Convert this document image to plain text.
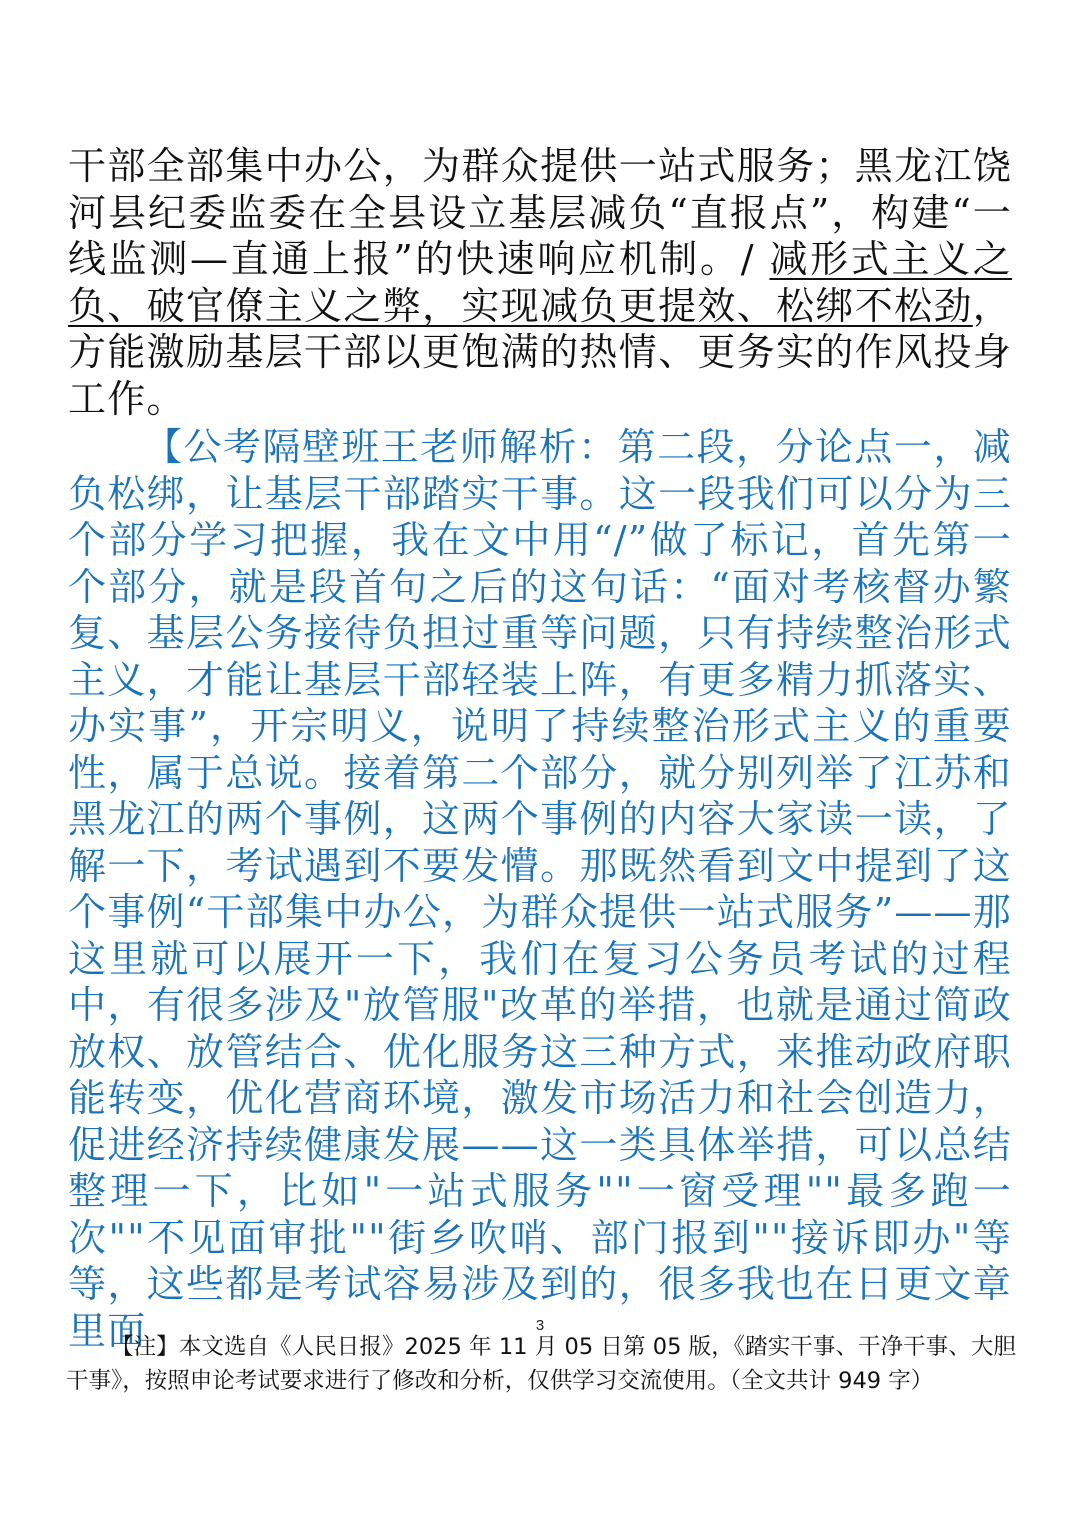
干部全部集中办公，为群众提供一站式服务；黑龙江饶河县纪委监委在全县设立基层减负“直报点”，构建“一线监测—直通上报”的快速响应机制。/ 减形式主义之负、破官僚主义之弊，实现减负更提效、松绑不松劲，方能激励基层干部以更饱满的热情、更务实的作风投身工作。

【公考隔壁班王老师解析：第二段，分论点一，减负松绑，让基层干部踏实干事。这一段我们可以分为三个部分学习把握，我在文中用“/”做了标记，首先第一个部分，就是段首句之后的这句话：“面对考核督办繁复、基层公务接待负担过重等问题，只有持续整治形式主义，才能让基层干部轻装上阵，有更多精力抓落实、办实事”，开宗明义，说明了持续整治形式主义的重要性，属于总说。接着第二个部分，就分别列举了江苏和黑龙江的两个事例，这两个事例的内容大家读一读，了解一下，考试遇到不要发懵。那既然看到文中提到了这个事例“干部集中办公，为群众提供一站式服务”——那这里就可以展开一下，我们在复习公务员考试的过程中，有很多涉及"放管服"改革的举措，也就是通过简政放权、放管结合、优化服务这三种方式，来推动政府职能转变，优化营商环境，激发市场活力和社会创造力，促进经济持续健康发展——这一类具体举措，可以总结整理一下，比如"一站式服务""一窗受理""最多跑一次""不见面审批""街乡吹哨、部门报到""接诉即办"等等，这些都是考试容易涉及到的，很多我也在日更文章里面	3
【注】本文选自《人民日报》2025 年 11 月 05 日第 05 版，《踏实干事、干净干事、大胆干事》，按照申论考试要求进行了修改和分析，仅供学习交流使用。（全文共计 949 字）
